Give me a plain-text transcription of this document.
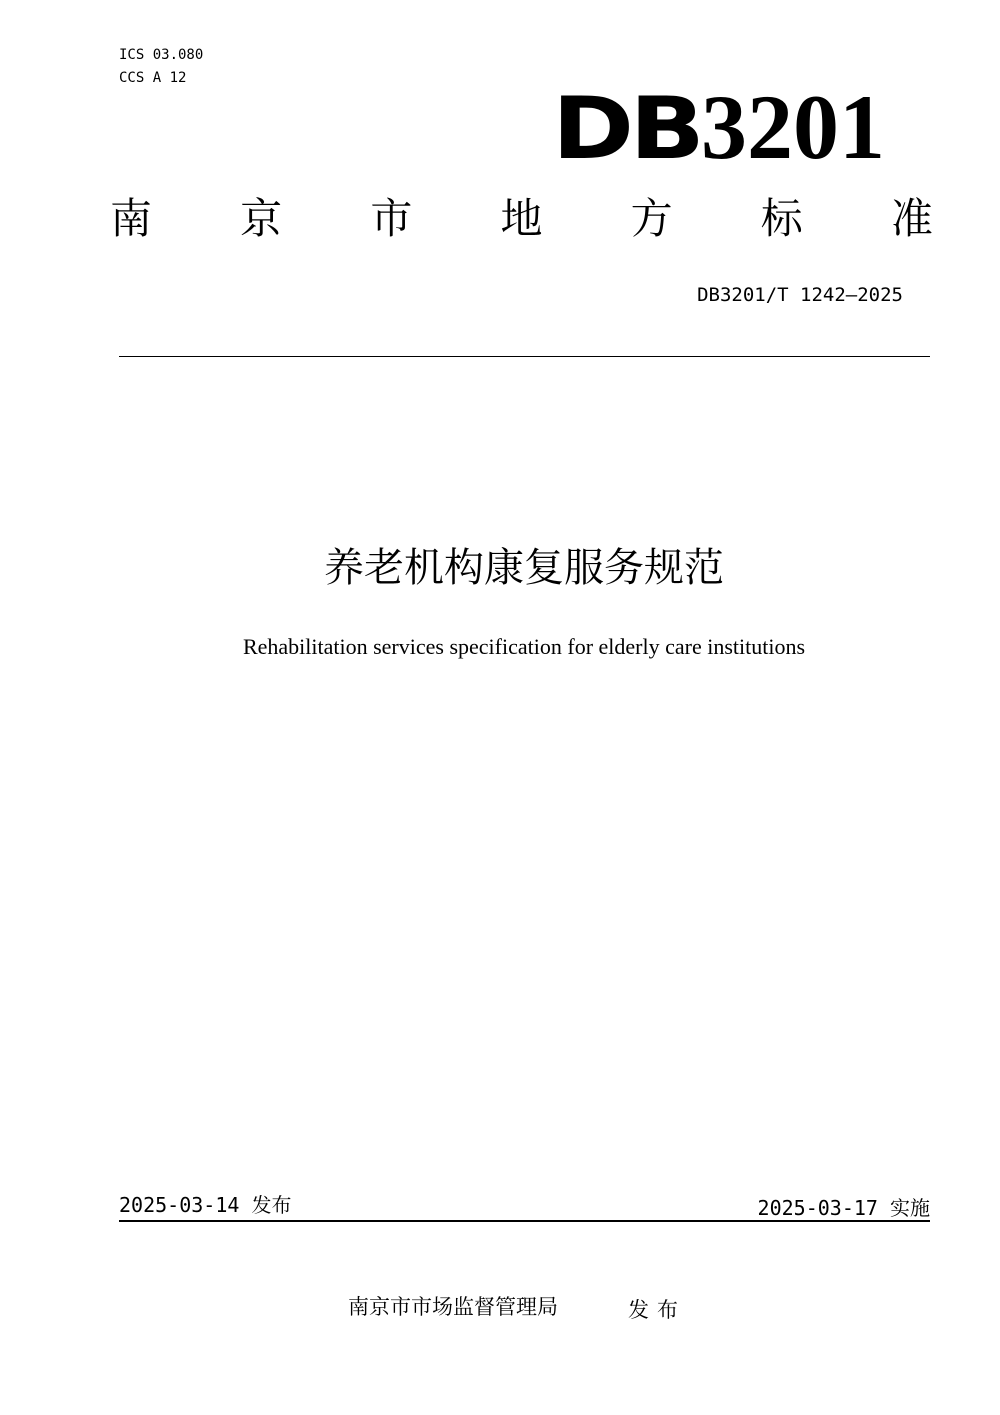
ICS 03.080
CCS A 12
DB 3201
南 京 市 地 方 标 准
DB3201/T 1242—2025
养老机构康复服务规范
Rehabilitation services specification for elderly care institutions
2025-03-14 发布	2025-03-17 实施
南京市市场监督管理局	发布
